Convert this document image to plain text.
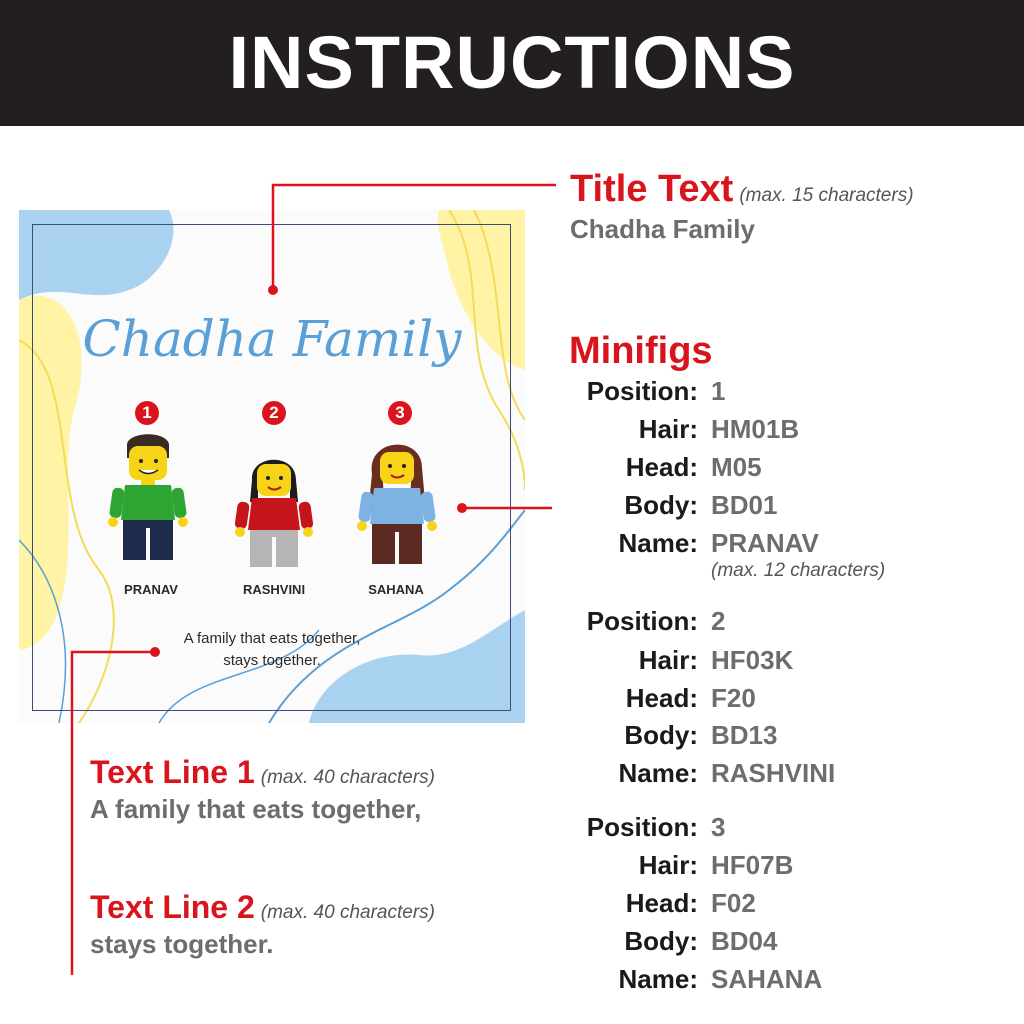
INSTRUCTIONS
Chadha Family
1
PRANAV
2
RASHVINI
3
SAHANA
A family that eats together,
stays together.
Title Text (max. 15 characters)
Chadha Family
Minifigs
Position: 1
Hair: HM01B
Head: M05
Body: BD01
Name: PRANAV
(max. 12 characters)
Position: 2
Hair: HF03K
Head: F20
Body: BD13
Name: RASHVINI
Position: 3
Hair: HF07B
Head: F02
Body: BD04
Name: SAHANA
Text Line 1 (max. 40 characters)
A family that eats together,
Text Line 2 (max. 40 characters)
stays together.
